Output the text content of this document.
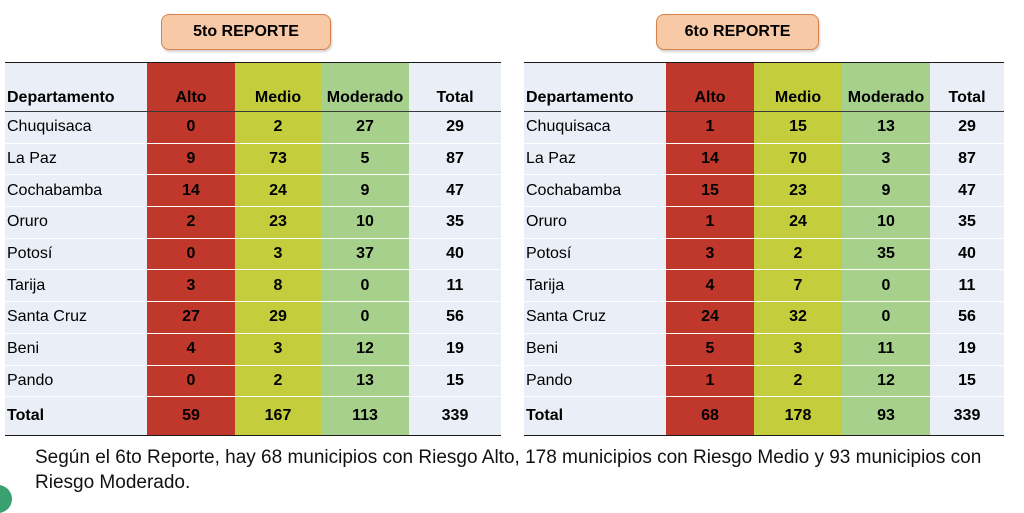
5to REPORTE
Departamento	Alto	Medio	Moderado	Total
Chuquisaca	0	2	27	29
La Paz	9	73	5	87
Cochabamba	14	24	9	47
Oruro	2	23	10	35
Potosí	0	3	37	40
Tarija	3	8	0	11
Santa Cruz	27	29	0	56
Beni	4	3	12	19
Pando	0	2	13	15
Total	59	167	113	339
6to REPORTE
Departamento	Alto	Medio	Moderado	Total
Chuquisaca	1	15	13	29
La Paz	14	70	3	87
Cochabamba	15	23	9	47
Oruro	1	24	10	35
Potosí	3	2	35	40
Tarija	4	7	0	11
Santa Cruz	24	32	0	56
Beni	5	3	11	19
Pando	1	2	12	15
Total	68	178	93	339
Según el 6to Reporte, hay 68 municipios con Riesgo Alto, 178 municipios con Riesgo Medio y 93 municipios con Riesgo Moderado.
